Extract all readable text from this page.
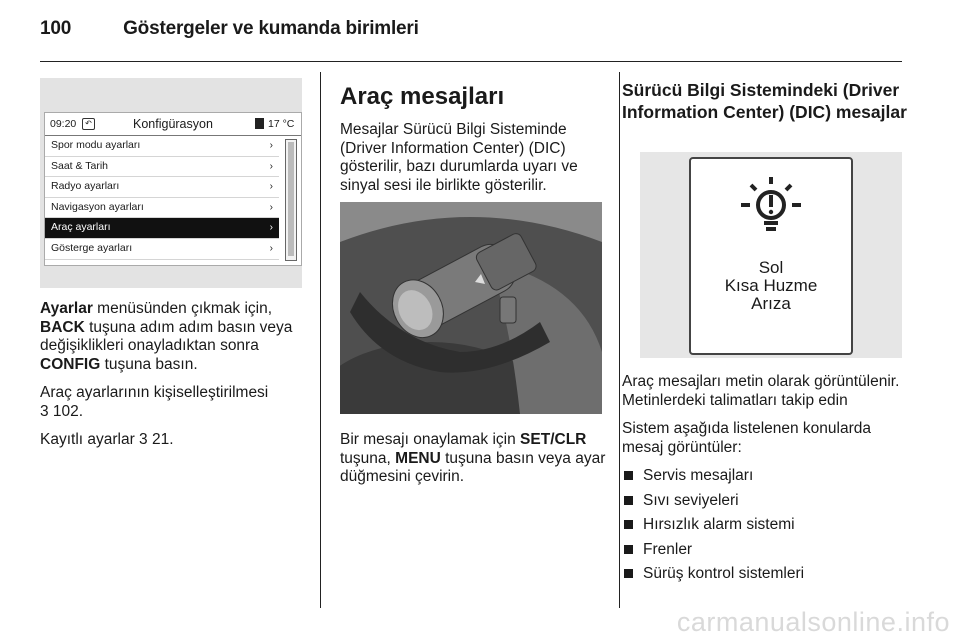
100	Göstergeler ve kumanda birimleri
09:20	↶	Konfigürasyon	17 °C
Spor modu ayarları	›
Saat & Tarih	›
Radyo ayarları	›
Navigasyon ayarları	›
Araç ayarları	›
Gösterge ayarları	›

Ayarlar menüsünden çıkmak için, BACK tuşuna adım adım basın veya değişiklikleri onayladıktan sonra CONFIG tuşuna basın.

Araç ayarlarının kişiselleştirilmesi
3 102.

Kayıtlı ayarlar 3 21.

Araç mesajları

Mesajlar Sürücü Bilgi Sisteminde (Driver Information Center) (DIC) gösterilir, bazı durumlarda uyarı ve sinyal sesi ile birlikte gösterilir.

Bir mesajı onaylamak için SET/CLR tuşuna, MENU tuşuna basın veya ayar düğmesini çevirin.

Sürücü Bilgi Sistemindeki (Driver Information Center) (DIC) mesajlar

Araç mesajları metin olarak görüntülenir. Metinlerdeki talimatları takip edin

Sistem aşağıda listelenen konularda mesaj görüntüler:

Servis mesajları
Sıvı seviyeleri
Hırsızlık alarm sistemi
Frenler
Sürüş kontrol sistemleri
Sol
Kısa Huzme
Arıza
carmanualsonline.info
